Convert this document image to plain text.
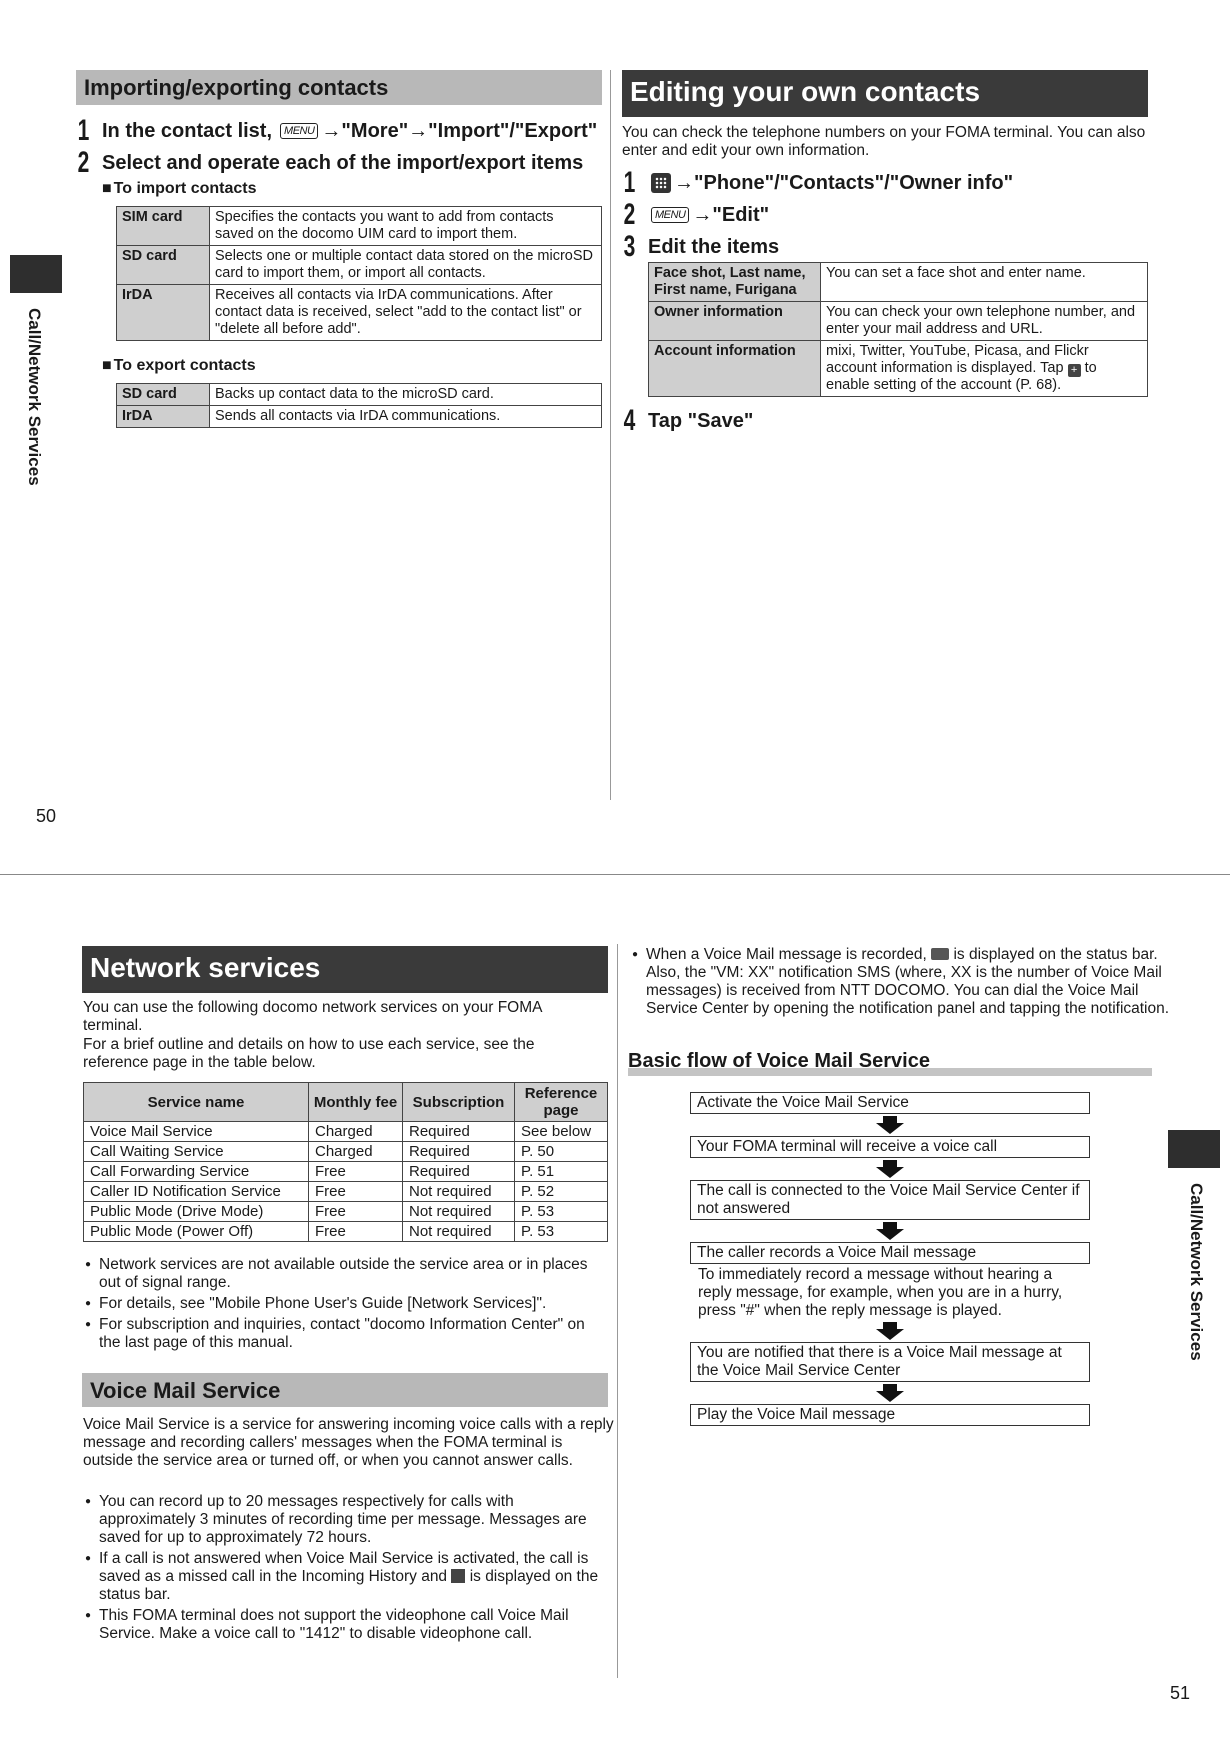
Call/Network Services
Importing/exporting contacts
1 In the contact list,	MENU →"More"→"Import"/"Export"
2 Select and operate each of the import/export items
■ To import contacts
SIM card	Specifies the contacts you want to add from contacts saved on the docomo UIM card to import them.
SD card	Selects one or multiple contact data stored on the microSD card to import them, or import all contacts.
IrDA	Receives all contacts via IrDA communications. After contact data is received, select "add to the contact list" or "delete all before add".
■ To export contacts
SD card	Backs up contact data to the microSD card.
IrDA	Sends all contacts via IrDA communications.
Editing your own contacts
You can check the telephone numbers on your FOMA terminal. You can also enter and edit your own information.
1 →"Phone"/"Contacts"/"Owner info"
2	MENU →"Edit"
3 Edit the items
Face shot, Last name, First name, Furigana	You can set a face shot and enter name.
Owner information	You can check your own telephone number, and enter your mail address and URL.
Account information	mixi, Twitter, YouTube, Picasa, and Flickr account information is displayed. Tap + to enable setting of the account (P. 68).
4 Tap "Save"
50
Network services
You can use the following docomo network services on your FOMA terminal.
For a brief outline and details on how to use each service, see the reference page in the table below.
Service name	Monthly fee	Subscription	Reference page
Voice Mail Service	Charged	Required	See below
Call Waiting Service	Charged	Required	P. 50
Call Forwarding Service	Free	Required	P. 51
Caller ID Notification Service	Free	Not required	P. 52
Public Mode (Drive Mode)	Free	Not required	P. 53
Public Mode (Power Off)	Free	Not required	P. 53
● Network services are not available outside the service area or in places out of signal range.
● For details, see "Mobile Phone User's Guide [Network Services]".
● For subscription and inquiries, contact "docomo Information Center" on the last page of this manual.
Voice Mail Service
Voice Mail Service is a service for answering incoming voice calls with a reply message and recording callers' messages when the FOMA terminal is outside the service area or turned off, or when you cannot answer calls.
● You can record up to 20 messages respectively for calls with approximately 3 minutes of recording time per message. Messages are saved for up to approximately 72 hours.
● If a call is not answered when Voice Mail Service is activated, the call is saved as a missed call in the Incoming History and is displayed on the status bar.
● This FOMA terminal does not support the videophone call Voice Mail Service. Make a voice call to "1412" to disable videophone call.
● When a Voice Mail message is recorded, is displayed on the status bar. Also, the "VM: XX" notification SMS (where, XX is the number of Voice Mail messages) is received from NTT DOCOMO. You can dial the Voice Mail Service Center by opening the notification panel and tapping the notification.
Basic flow of Voice Mail Service
Activate the Voice Mail Service
Your FOMA terminal will receive a voice call
The call is connected to the Voice Mail Service Center if not answered
The caller records a Voice Mail message
To immediately record a message without hearing a reply message, for example, when you are in a hurry, press "#" when the reply message is played.
You are notified that there is a Voice Mail message at the Voice Mail Service Center
Play the Voice Mail message
Call/Network Services
51
